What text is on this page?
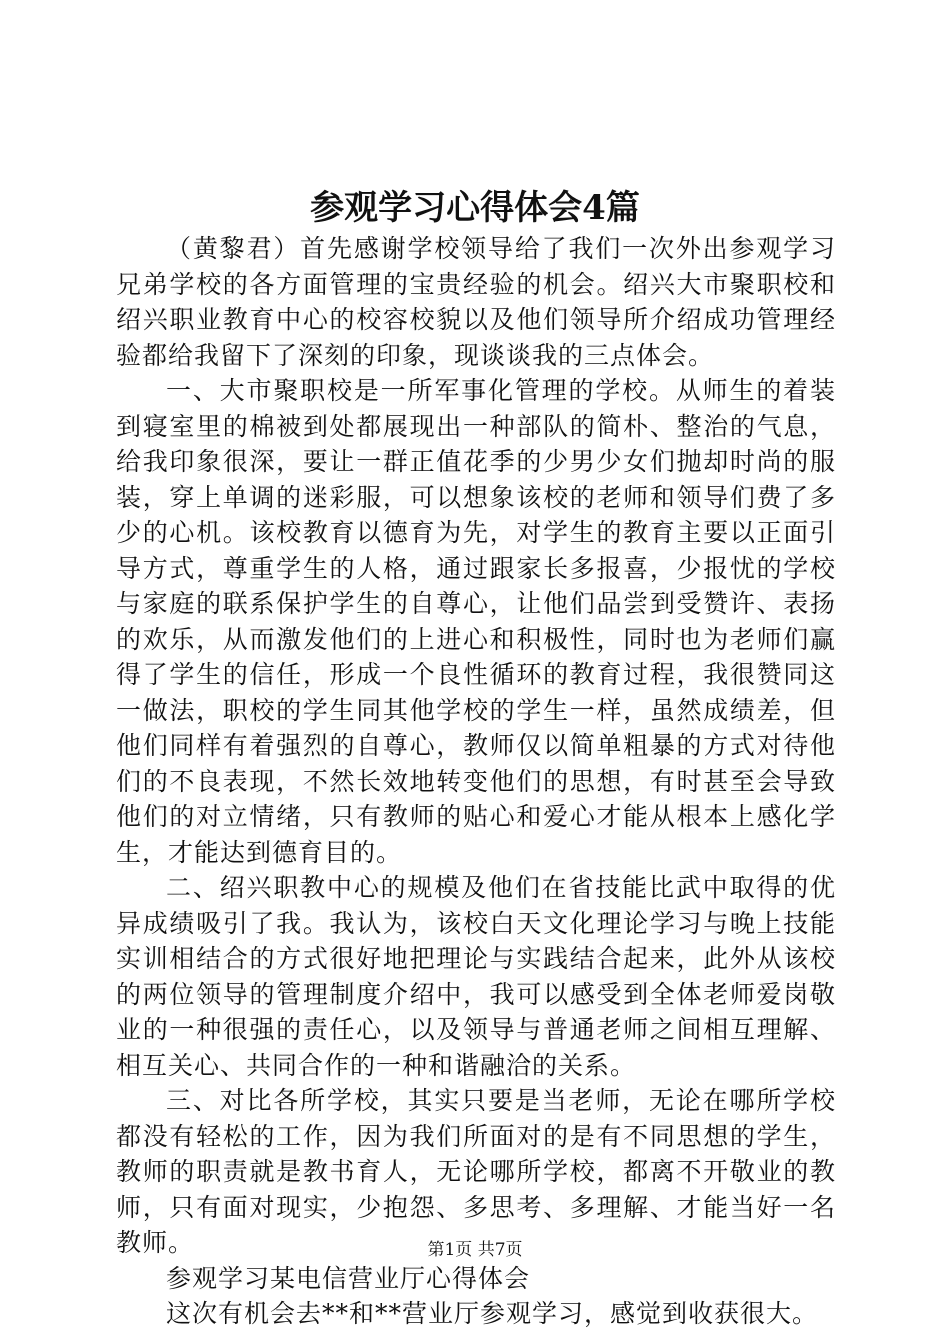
参观学习心得体会4篇

（黄黎君）首先感谢学校领导给了我们一次外出参观学习兄弟学校的各方面管理的宝贵经验的机会。绍兴大市聚职校和绍兴职业教育中心的校容校貌以及他们领导所介绍成功管理经验都给我留下了深刻的印象，现谈谈我的三点体会。

一、大市聚职校是一所军事化管理的学校。从师生的着装到寝室里的棉被到处都展现出一种部队的简朴、整治的气息，给我印象很深，要让一群正值花季的少男少女们抛却时尚的服装，穿上单调的迷彩服，可以想象该校的老师和领导们费了多少的心机。该校教育以德育为先，对学生的教育主要以正面引导方式，尊重学生的人格，通过跟家长多报喜，少报忧的学校与家庭的联系保护学生的自尊心，让他们品尝到受赞许、表扬的欢乐，从而激发他们的上进心和积极性，同时也为老师们赢得了学生的信任，形成一个良性循环的教育过程，我很赞同这一做法，职校的学生同其他学校的学生一样，虽然成绩差，但他们同样有着强烈的自尊心，教师仅以简单粗暴的方式对待他们的不良表现，不然长效地转变他们的思想，有时甚至会导致他们的对立情绪，只有教师的贴心和爱心才能从根本上感化学生，才能达到德育目的。

二、绍兴职教中心的规模及他们在省技能比武中取得的优异成绩吸引了我。我认为，该校白天文化理论学习与晚上技能实训相结合的方式很好地把理论与实践结合起来，此外从该校的两位领导的管理制度介绍中，我可以感受到全体老师爱岗敬业的一种很强的责任心，以及领导与普通老师之间相互理解、相互关心、共同合作的一种和谐融洽的关系。

三、对比各所学校，其实只要是当老师，无论在哪所学校都没有轻松的工作，因为我们所面对的是有不同思想的学生，教师的职责就是教书育人，无论哪所学校，都离不开敬业的教师，只有面对现实，少抱怨、多思考、多理解、才能当好一名教师。

参观学习某电信营业厅心得体会

这次有机会去**和**营业厅参观学习，感觉到收获很大。

第1页 共7页
